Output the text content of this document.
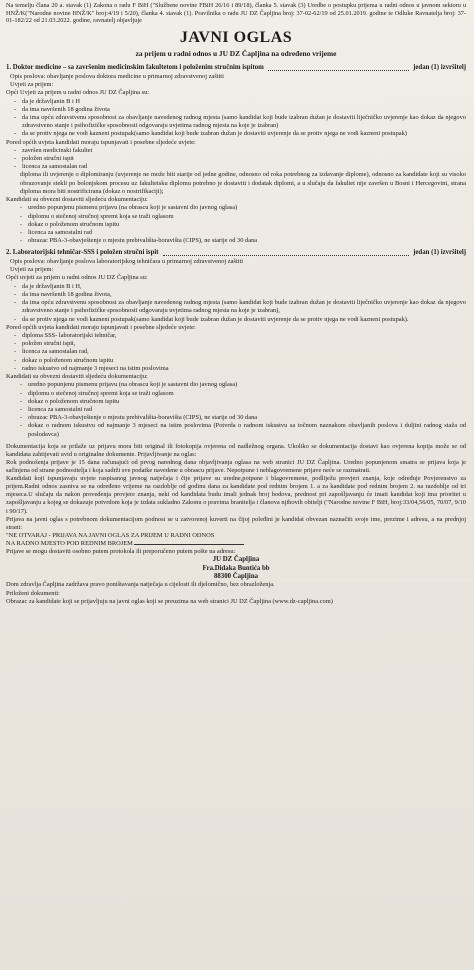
Na temelju člana 20 a. stavak (1) Zakona o radu F BiH ("Službene novine FBiH 26/16 i 89/18), članka 5. stavak (3) Uredbe o postupku prijema u radni odnos u javnom sektoru u HNŽ/K("Narodne novine HNŽ/K" broj:4/19 i 5/20), članka 4. stavak (1). Pravilnika o radu JU DZ Čapljina broj: 37-02-62/19 od 25.01.2019. godine te Odluke Ravnatelja broj: 37-01-182/22 od 21.03.2022. godine, ravnatelj objavljuje
JAVNI OGLAS
za prijem u radni odnos u JU DZ Čapljina na određeno vrijeme
1. Doktor medicine – sa završenim medicinskim fakultetom i položenim stručnim ispitom	jedan (1) izvršitelj
Opis poslova: obavljanje poslova doktora medicine u primarnoj zdravstvenoj zaštiti
Uvjeti za prijem:
Opći Uvjeti za prijem u radni odnos JU DZ Čapljina su:
- da je državljanin B i H
- da ima navršenih 18 godina života
- da ima opću zdravstvenu sposobnost za obavljanje navedenog radnog mjesta (samo kandidat koji bude izabran dužan je dostaviti liječničko uvjerenje kao dokaz da njegovo zdravstveno stanje i psihofizičke sposobnosti odgovaraju uvjetima radnog mjesta na koje je izabran)
- da se protiv njega ne vodi kazneni postupak(samo kandidat koji bude izabran dužan je dostaviti uvjerenje da se protiv njega ne vodi kazneni postupak)
Pored općih uvjeta kandidati moraju ispunjavati i posebne sljedeće uvjete:
- završen medicinski fakultet
- položen stručni ispit
- licenca za samostalan rad
diploma ili uvjerenje o diplomiranju (uvjerenje ne može biti starije od jedne godine, odnosno od roka potrebnog za izdavanje diplome), odnosno za kandidate koji su visoko obrazovanje stekli po bolonjskom procesu uz fakultetsku diplomu potrebno je dostaviti i dodatak diplomi, a u slučaju da fakultet nije završen u Bosni i Hercegovini, strana diploma mora biti nostrificirana (dokaz o nostrifikaciji);
Kandidati su obvezni dostaviti sljedeću dokumentaciju:
- uredno popunjenu pismenu prijavu (na obrascu koji je sastavni dio javnog oglasa)
- diplomu o stečenoj stručnoj spremi koja se traži oglasom
- dokaz o položenom stručnom ispitu
- licenca za samostalni rad
- obrazac PBA-3-obavještenje o mjestu prebivališta-boravišta (CIPS), ne starije od 30 dana
2. Laboratorijski tehničar-SSS i položen stručni ispit	jedan (1) izvršitelj
Opis poslova: obavljanje poslova laboratorijskog tehničara u primarnoj zdravstvenoj zaštiti
Uvjeti za prijem:
Opći uvjeti za prijem u radni odnos JU DZ Čapljina su:
- da je državljanin B i H,
- da ima navršenih 18 godina života,
- da ima opću zdravstvenu sposobnost za obavljanje navedenog radnog mjesta (samo kandidat koji bude izabran dužan je dostaviti liječničko uvjerenje kao dokaz da njegovo zdravstveno stanje i psihofizičke sposobnosti odgovaraju uvjetima radnog mjesta na koje je izabran),
- da se protiv njega ne vodi kazneni postupak(samo kandidat koji bude izabran dužan je dostaviti uvjerenje da se protiv njega ne vodi kazneni postupak).
Pored općih uvjeta kandidati moraju ispunjavati i posebne sljedeće uvjete:
- diploma SSS- laboratorijski tehničar,
- položen stručni ispit,
- licenca za samostalan rad,
- dokaz o položenom stručnom ispitu
- radno iskustvo od najmanje 3 mjeseci na istim poslovima
Kandidati su obvezni dostaviti sljedeću dokumentaciju:
- uredno popunjenu pismenu prijavu (na obrascu koji je sastavni dio javnog oglasa)
- diplomu o stečenoj stručnoj spremi koja se traži oglasom
- dokaz o položenom stručnom ispitu
- licenca za samostalni rad
- obrazac PBA-3-obavještenje o mjestu prebivališta-boravišta (CIPS), ne starije od 30 dana
- dokaz o radnom iskustvu od najmanje 3 mjeseci na istim poslovima (Potvrda o radnom iskustvu sa točnom naznakom obavljanih poslova i duljini radnog staža od poslodavca)
Dokumentacija koja se prilaže uz prijavu mora biti original ili fotokopija ovjerena od nadležnog organa. Ukoliko se dokumentacija dostavi kao ovjerena kopija može se od kandidata zahtijevati uvid u originalne dokumente. Prijavljivanje na oglas:
Rok podnošenja prijave je 15 dana računajući od prvog narednog dana objavljivanja oglasa na web stranici JU DZ Čapljina. Uredno popunjenom smatra se prijava koja je sačinjena od strane podnositelja i koja sadrži sve podatke navedene u obrascu prijave. Nepotpune i neblagovremene prijave neće se razmatrati.
Kandidati koji ispunjavaju uvjete raspisanog javnog natječaja i čije prijave su uredne,potpune i blagovremene, podliježu provjeri znanja, koje određuje Povjerenstvo za prijem.Radni odnos zasniva se na određeno vrijeme na razdoblje od godinu dana za kandidate pod rednim brojem 1. a za kandidate pod rednim brojem 2. na razdoblje od tri mjeseca.U slučaju da nakon provedenja provjere znanja, neki od kandidata budu imali jednak broj bodova, prednost pri zapošljavanju će imati kandidat koji ima prioritet u zapošljavanju a kojeg se dokazuje potvrdom koja je izdata sukladno Zakonu o pravima branitelja i članova njihovih obitelji ("Narodne novine F BiH, broj:33/04,56/05, 70/07, 9/10 i 90/17).
Prijava na javni oglas s potrebnom dokumentacijom podnosi se u zatvorenoj kuverti na čijoj poleđini je kandidat obvezan naznačiti svoje ime, prezime i adresu, a na prednjoj strani:
"NE OTVARAJ - PRIJAVA NA JAVNI OGLAS ZA PRIJEM U RADNI ODNOS
NA RADNO MJESTO POD REDNIM BROJEM
Prijave se mogu dostaviti osobno putem protokola ili preporučeno putem pošte na adresu:
JU DZ Čapljina
Fra.Didaka Buntića bb
88300 Čapljina
Dom zdravlja Čapljina zadržava pravo poništavanja natječaja u cijelosti ili djelomično, bez obrazloženja.
Priloženi dokumenti:
Obrazac za kandidate koji se prijavljuju na javni oglas koji se preuzima na web stranici JU DZ Čapljina (www.dz-capljina.com)
